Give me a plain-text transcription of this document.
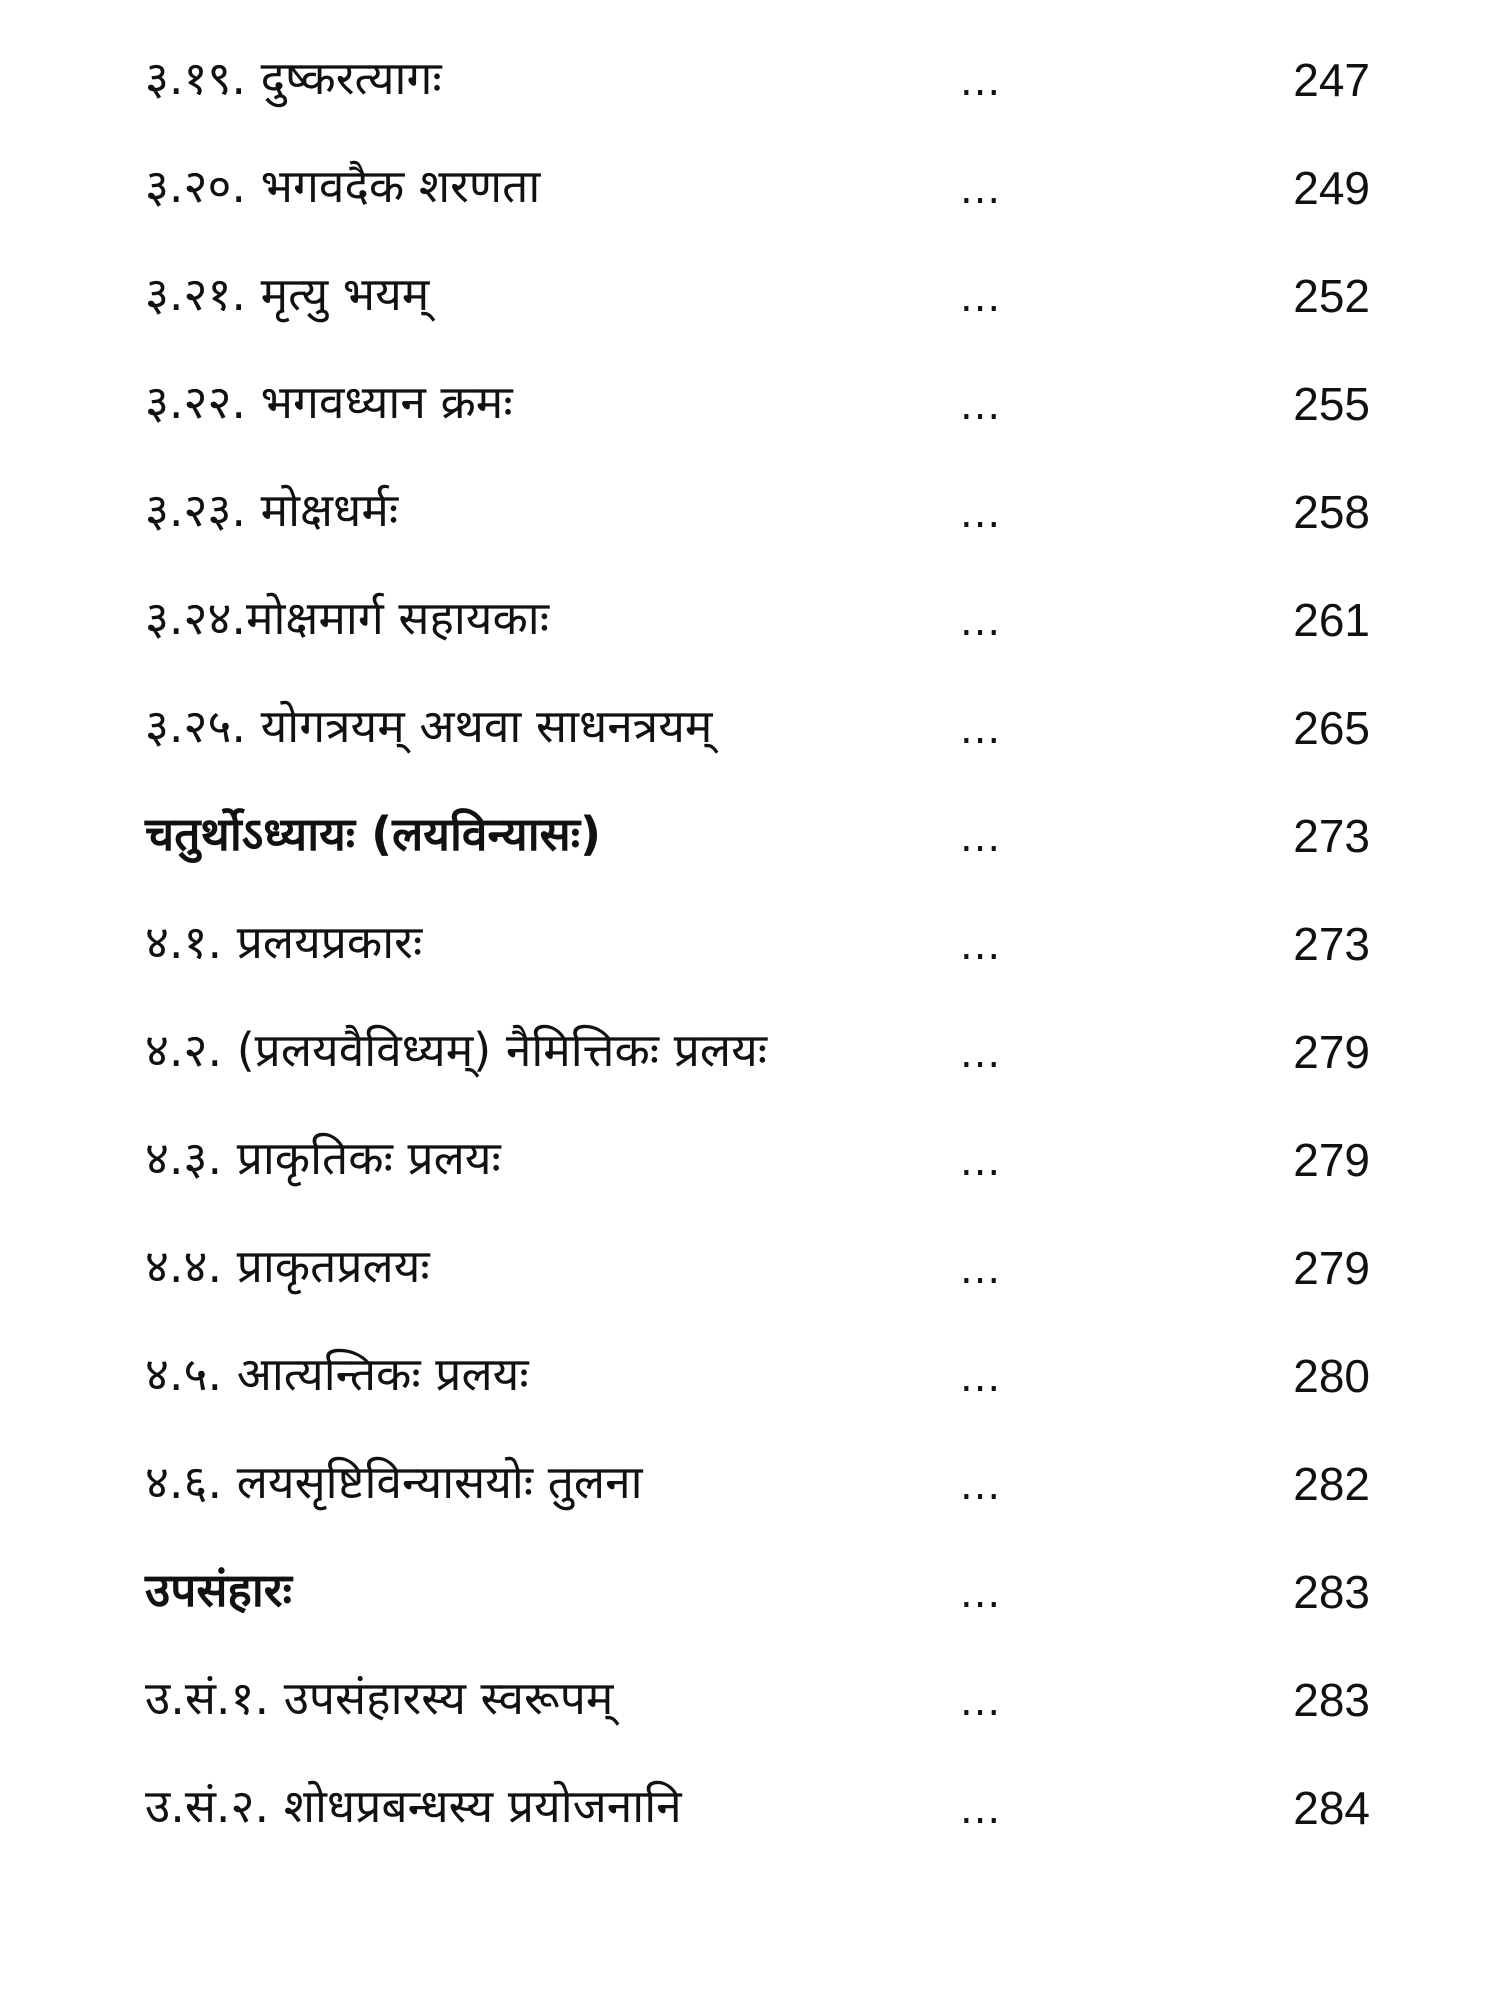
३.१९. दुष्करत्यागः	...	247
३.२०. भगवदैक शरणता	...	249
३.२१. मृत्यु भयम्	...	252
३.२२. भगवध्यान क्रमः	...	255
३.२३. मोक्षधर्मः	...	258
३.२४.मोक्षमार्ग सहायकाः	...	261
३.२५. योगत्रयम् अथवा साधनत्रयम्	...	265
चतुर्थोऽध्यायः (लयविन्यासः)	...	273
४.१. प्रलयप्रकारः	...	273
४.२. (प्रलयवैविध्यम्) नैमित्तिकः प्रलयः	...	279
४.३. प्राकृतिकः प्रलयः	...	279
४.४. प्राकृतप्रलयः	...	279
४.५. आत्यन्तिकः प्रलयः	...	280
४.६. लयसृष्टिविन्यासयोः तुलना	...	282
उपसंहारः	...	283
उ.सं.१. उपसंहारस्य स्वरूपम्	...	283
उ.सं.२. शोधप्रबन्धस्य प्रयोजनानि	...	284
